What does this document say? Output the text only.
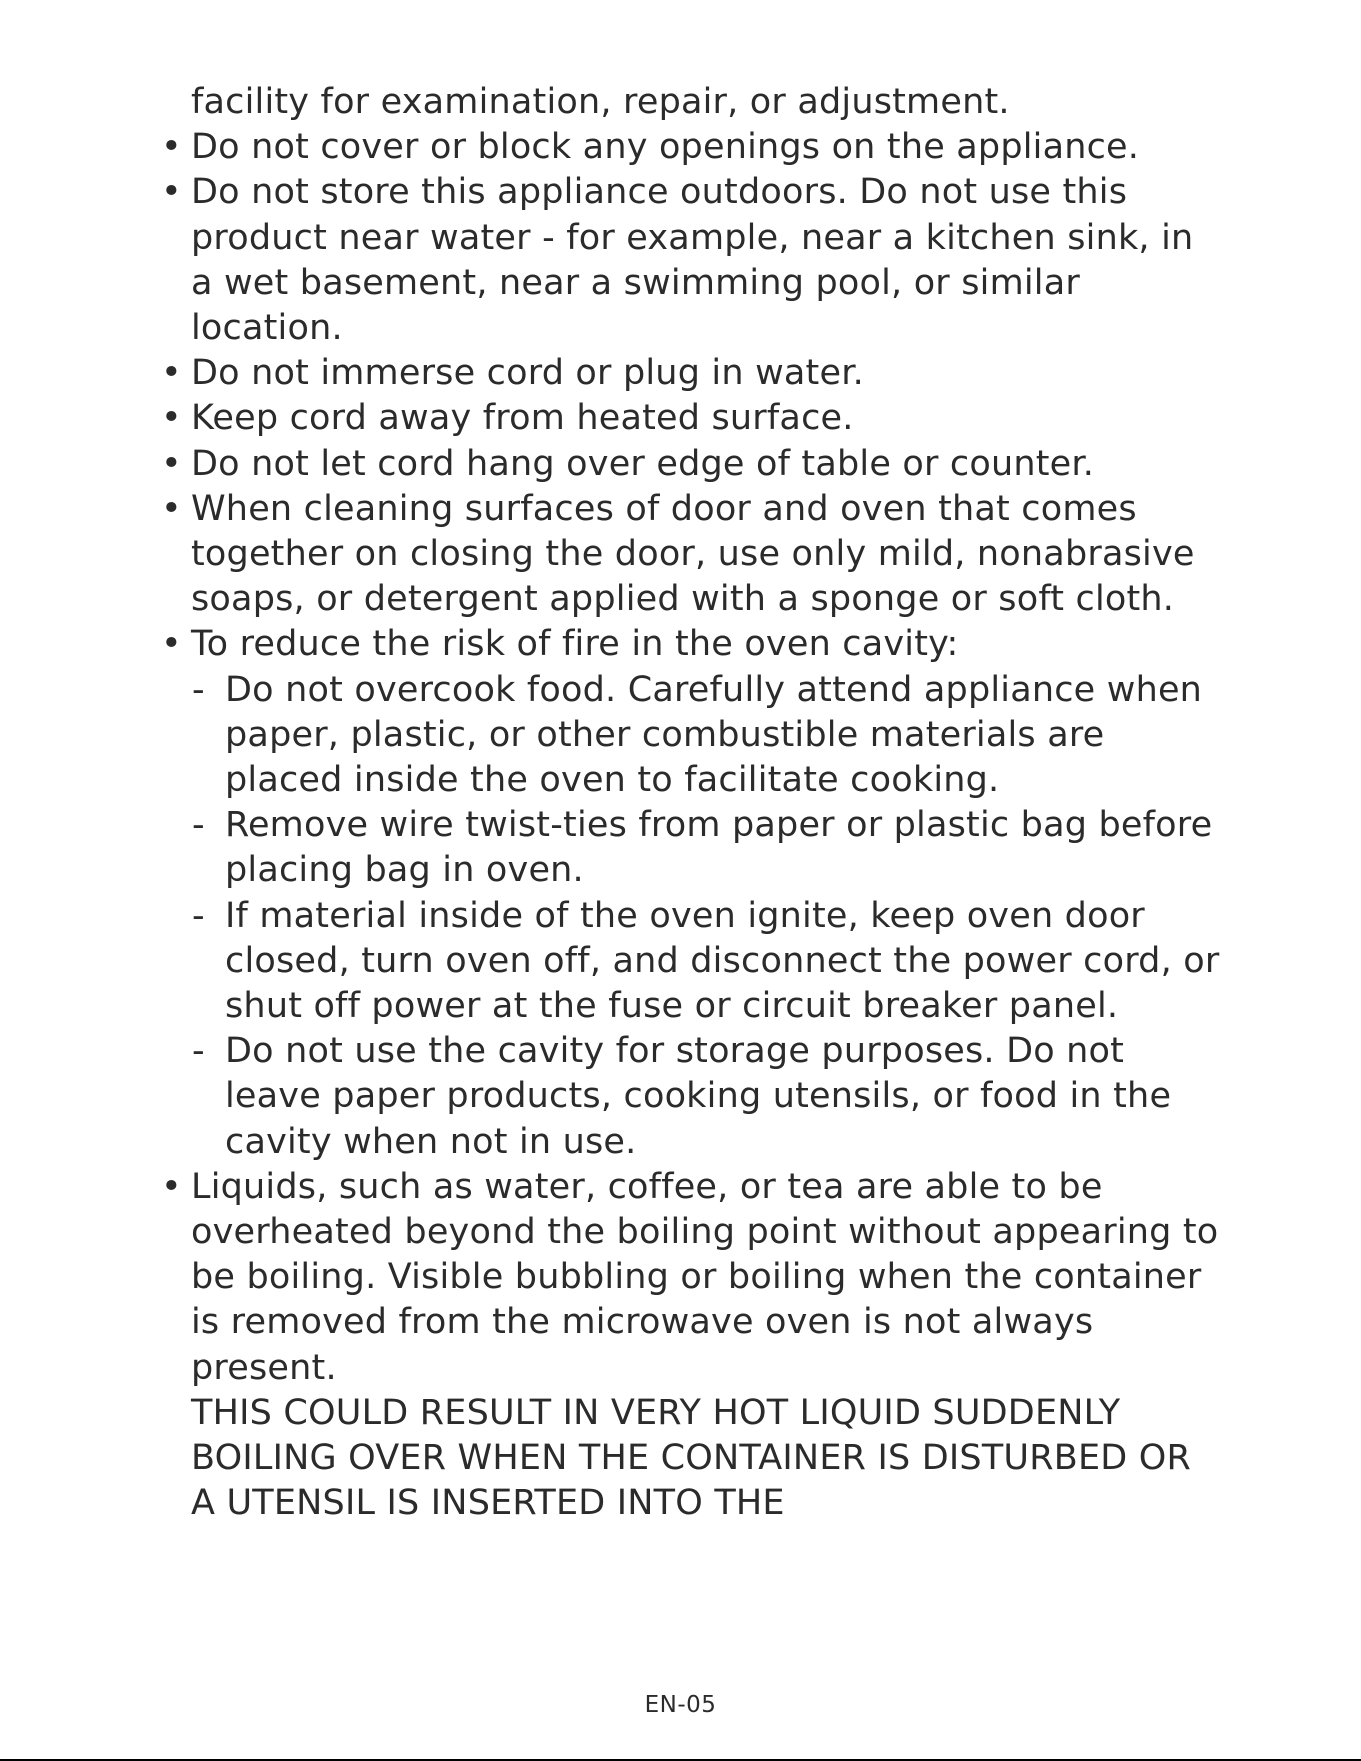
facility for examination, repair, or adjustment.

• Do not cover or block any openings on the appliance.
• Do not store this appliance outdoors. Do not use this product near water - for example, near a kitchen sink, in a wet basement, near a swimming pool, or similar location.
• Do not immerse cord or plug in water.
• Keep cord away from heated surface.
• Do not let cord hang over edge of table or counter.
• When cleaning surfaces of door and oven that comes together on closing the door, use only mild, nonabrasive soaps, or detergent applied with a sponge or soft cloth.
• To reduce the risk of fire in the oven cavity:
- Do not overcook food. Carefully attend appliance when paper, plastic, or other combustible materials are placed inside the oven to facilitate cooking.
- Remove wire twist-ties from paper or plastic bag before placing bag in oven.
- If material inside of the oven ignite, keep oven door closed, turn oven off, and disconnect the power cord, or shut off power at the fuse or circuit breaker panel.
- Do not use the cavity for storage purposes. Do not leave paper products, cooking utensils, or food in the cavity when not in use.
• Liquids, such as water, coffee, or tea are able to be overheated beyond the boiling point without appearing to be boiling. Visible bubbling or boiling when the container is removed from the microwave oven is not always present.

THIS COULD RESULT IN VERY HOT LIQUID SUDDENLY BOILING OVER WHEN THE CONTAINER IS DISTURBED OR A UTENSIL IS INSERTED INTO THE

EN-05
